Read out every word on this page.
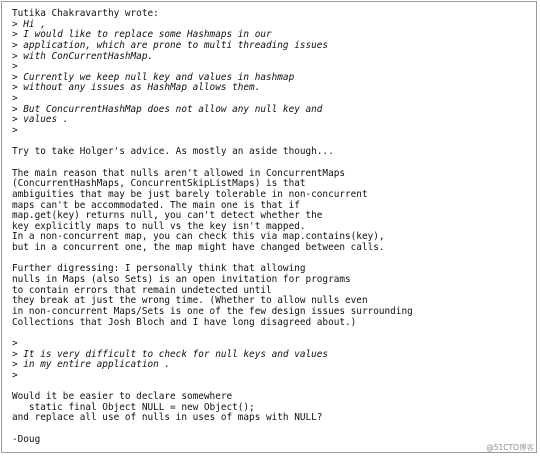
Tutika Chakravarthy wrote:
> Hi ,
> I would like to replace some Hashmaps in our
> application, which are prone to multi threading issues
> with ConCurrentHashMap.
>
> Currently we keep null key and values in hashmap
> without any issues as HashMap allows them.
>
> But ConcurrentHashMap does not allow any null key and
> values .
>
Try to take Holger's advice. As mostly an aside though...
The main reason that nulls aren't allowed in ConcurrentMaps
(ConcurrentHashMaps, ConcurrentSkipListMaps) is that
ambiguities that may be just barely tolerable in non-concurrent
maps can't be accommodated. The main one is that if
map.get(key) returns null, you can't detect whether the
key explicitly maps to null vs the key isn't mapped.
In a non-concurrent map, you can check this via map.contains(key),
but in a concurrent one, the map might have changed between calls.
Further digressing: I personally think that allowing
nulls in Maps (also Sets) is an open invitation for programs
to contain errors that remain undetected until
they break at just the wrong time. (Whether to allow nulls even
in non-concurrent Maps/Sets is one of the few design issues surrounding
Collections that Josh Bloch and I have long disagreed about.)
>
> It is very difficult to check for null keys and values
> in my entire application .
>
Would it be easier to declare somewhere
static final Object NULL = new Object();
and replace all use of nulls in uses of maps with NULL?
-Doug
@51CTO博客
